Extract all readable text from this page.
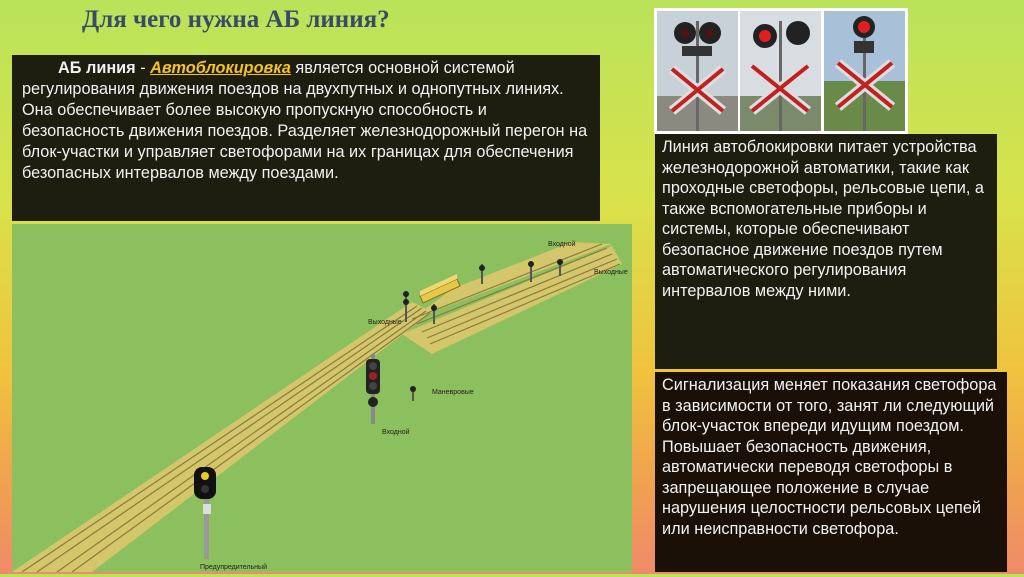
Для чего нужна АБ линия?
АБ линия - Автоблокировка является основной системой регулирования движения поездов на двухпутных и однопутных линиях. Она обеспечивает более высокую пропускную способность и безопасность движения поездов. Разделяет железнодорожный перегон на блок-участки и управляет светофорами на их границах для обеспечения безопасных интервалов между поездами.
Входной
Выходные
Выходные
Маневровые
Входной
Предупредительный
Линия автоблокировки питает устройства железнодорожной автоматики, такие как проходные светофоры, рельсовые цепи, а также вспомогательные приборы и системы, которые обеспечивают безопасное движение поездов путем автоматического регулирования интервалов между ними.
Сигнализация меняет показания светофора в зависимости от того, занят ли следующий блок-участок впереди идущим поездом. Повышает безопасность движения, автоматически переводя светофоры в запрещающее положение в случае нарушения целостности рельсовых цепей или неисправности светофора.
